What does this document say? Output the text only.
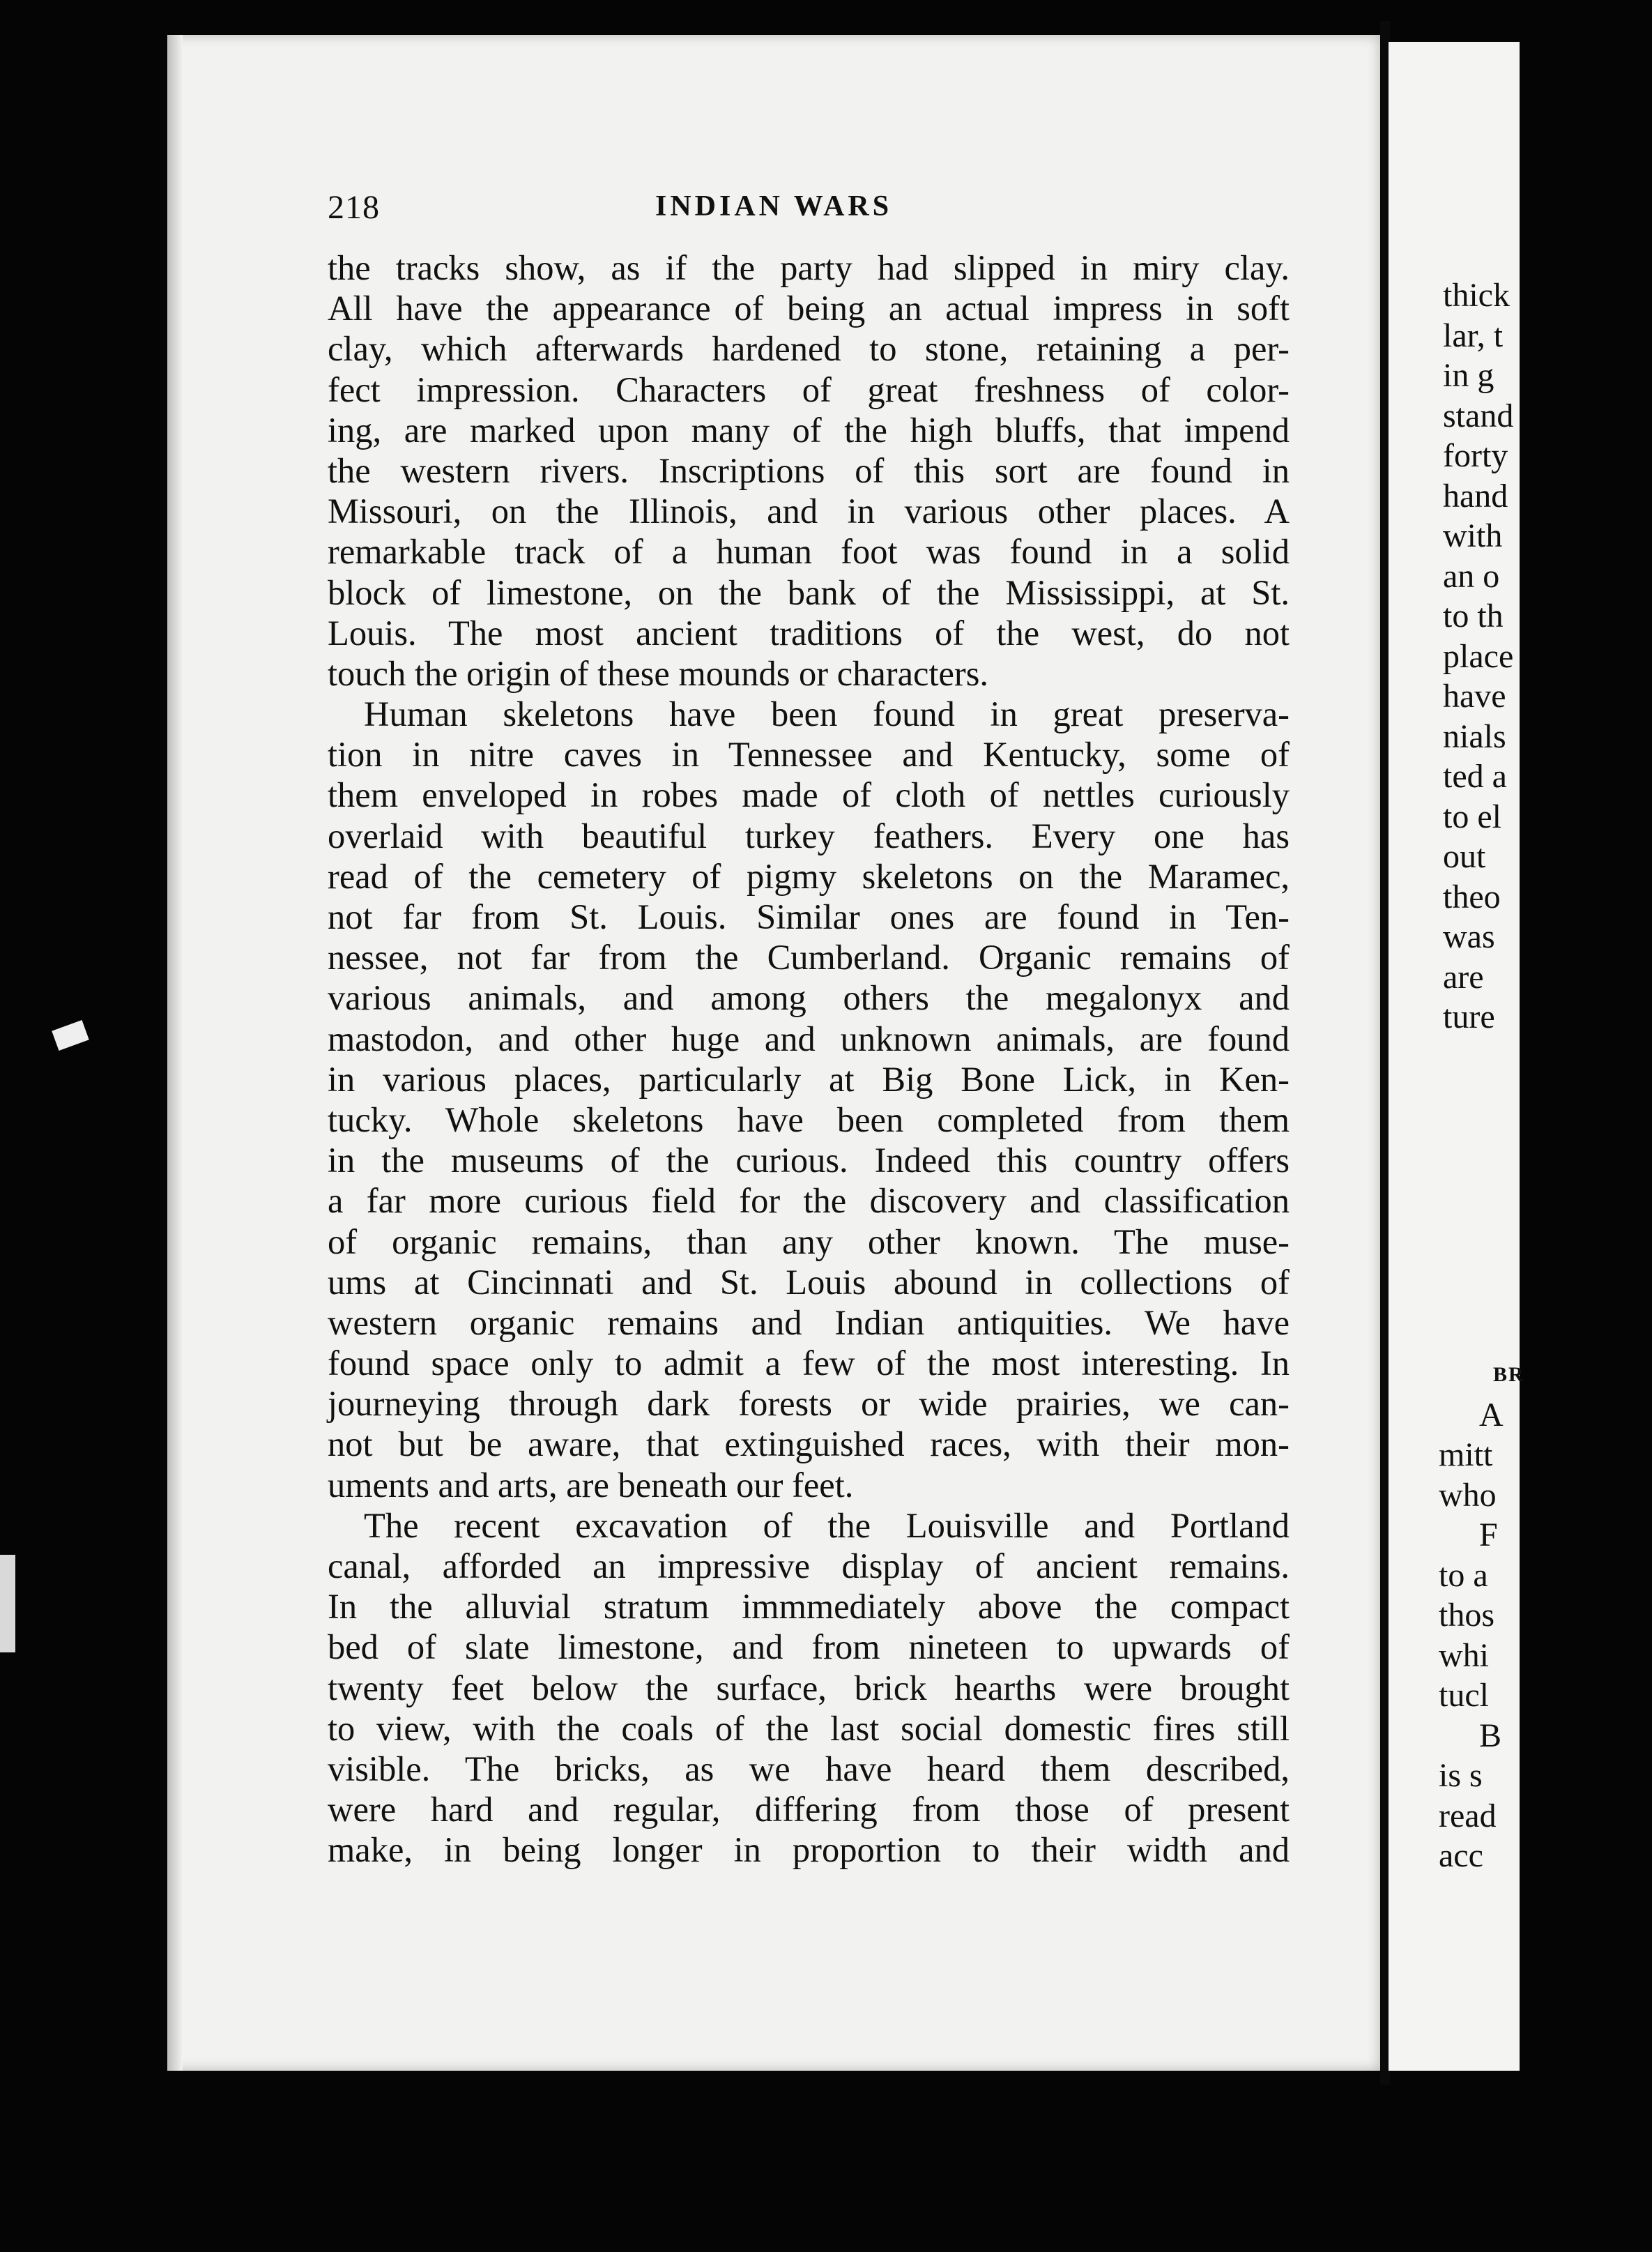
thick
lar, t
in g
stand
forty
hand
with
an o
to th
place
have
nials
ted a
to el
out
theo
was
are
ture
BR
A
mitt
who
F
to a
thos
whi
tucl
B
is s
read
acc
218	INDIAN WARS
the tracks show, as if the party had slipped in miry clay.
All have the appearance of being an actual impress in soft
clay, which afterwards hardened to stone, retaining a per-
fect impression. Characters of great freshness of color-
ing, are marked upon many of the high bluffs, that impend
the western rivers. Inscriptions of this sort are found in
Missouri, on the Illinois, and in various other places. A
remarkable track of a human foot was found in a solid
block of limestone, on the bank of the Mississippi, at St.
Louis. The most ancient traditions of the west, do not
touch the origin of these mounds or characters.
Human skeletons have been found in great preserva-
tion in nitre caves in Tennessee and Kentucky, some of
them enveloped in robes made of cloth of nettles curiously
overlaid with beautiful turkey feathers. Every one has
read of the cemetery of pigmy skeletons on the Maramec,
not far from St. Louis. Similar ones are found in Ten-
nessee, not far from the Cumberland. Organic remains of
various animals, and among others the megalonyx and
mastodon, and other huge and unknown animals, are found
in various places, particularly at Big Bone Lick, in Ken-
tucky. Whole skeletons have been completed from them
in the museums of the curious. Indeed this country offers
a far more curious field for the discovery and classification
of organic remains, than any other known. The muse-
ums at Cincinnati and St. Louis abound in collections of
western organic remains and Indian antiquities. We have
found space only to admit a few of the most interesting. In
journeying through dark forests or wide prairies, we can-
not but be aware, that extinguished races, with their mon-
uments and arts, are beneath our feet.
The recent excavation of the Louisville and Portland
canal, afforded an impressive display of ancient remains.
In the alluvial stratum immmediately above the compact
bed of slate limestone, and from nineteen to upwards of
twenty feet below the surface, brick hearths were brought
to view, with the coals of the last social domestic fires still
visible. The bricks, as we have heard them described,
were hard and regular, differing from those of present
make, in being longer in proportion to their width and
